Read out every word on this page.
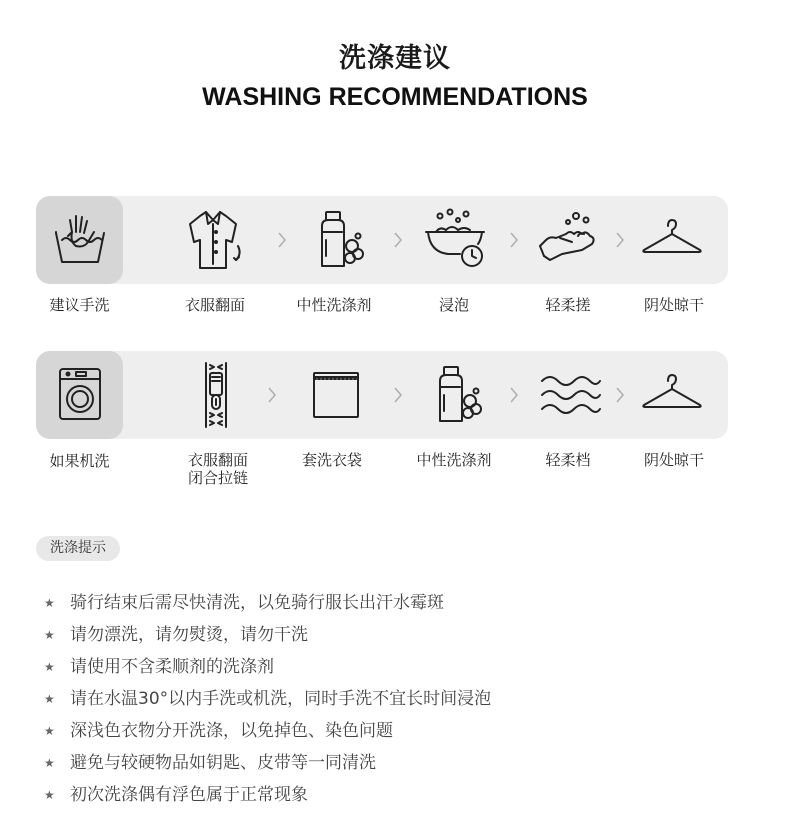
洗涤建议
WASHING RECOMMENDATIONS
建议手洗	衣服翻面	中性洗涤剂	浸泡	轻柔搓	阴处晾干
如果机洗	衣服翻面
闭合拉链
套洗衣袋	中性洗涤剂	轻柔档	阴处晾干
洗涤提示
★ 骑行结束后需尽快清洗，以免骑行服长出汗水霉斑
★ 请勿漂洗，请勿熨烫，请勿干洗
★ 请使用不含柔顺剂的洗涤剂
★ 请在水温30°以内手洗或机洗，同时手洗不宜长时间浸泡
★ 深浅色衣物分开洗涤，以免掉色、染色问题
★ 避免与较硬物品如钥匙、皮带等一同清洗
★ 初次洗涤偶有浮色属于正常现象
